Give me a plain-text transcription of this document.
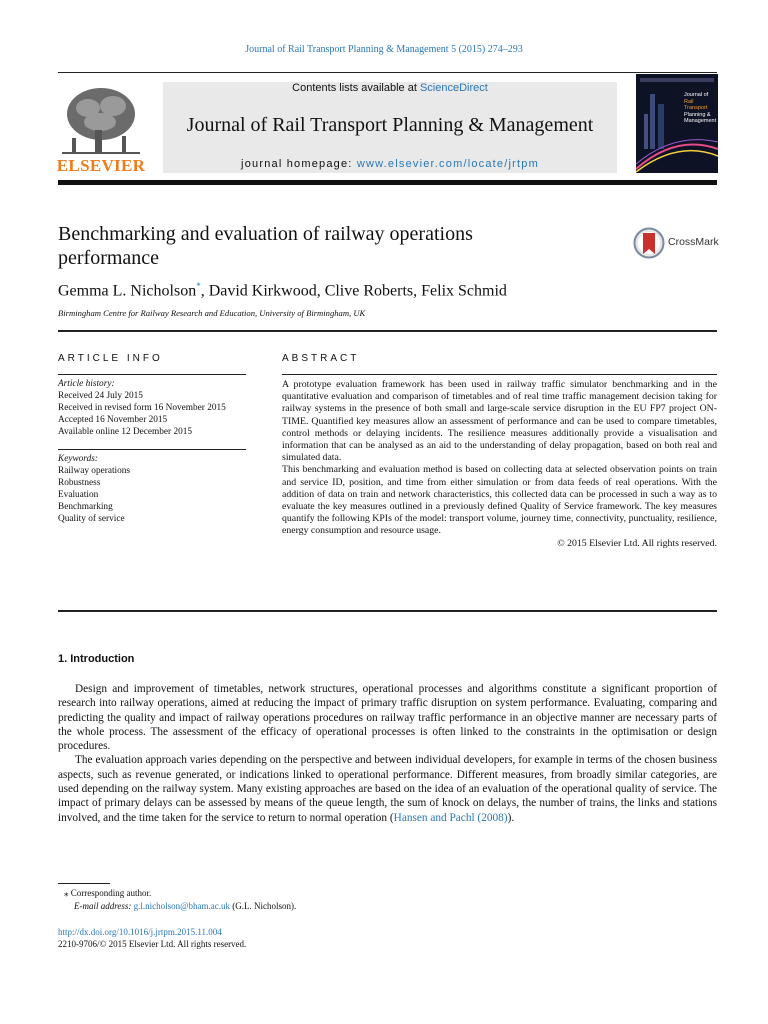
Journal of Rail Transport Planning & Management 5 (2015) 274–293
ELSEVIER
Contents lists available at ScienceDirect
Journal of Rail Transport Planning & Management
journal homepage: www.elsevier.com/locate/jrtpm
Journal of
Rail Transport
Planning &
Management
Benchmarking and evaluation of railway operations performance
CrossMark
Gemma L. Nicholson*, David Kirkwood, Clive Roberts, Felix Schmid
Birmingham Centre for Railway Research and Education, University of Birmingham, UK
ARTICLE INFO
Article history:
Received 24 July 2015
Received in revised form 16 November 2015
Accepted 16 November 2015
Available online 12 December 2015
Keywords:
Railway operations
Robustness
Evaluation
Benchmarking
Quality of service
ABSTRACT

A prototype evaluation framework has been used in railway traffic simulator benchmarking and in the quantitative evaluation and comparison of timetables and of real time traffic management decision taking for railway systems in the presence of both small and large-scale service disruption in the EU FP7 project ON-TIME. Quantified key measures allow an assessment of performance and can be used to compare timetables, control methods or delaying incidents. The resilience measures additionally provide a visualisation and information that can be analysed as an aid to the understanding of delay propagation, based on both real and simulated data.

This benchmarking and evaluation method is based on collecting data at selected observation points on train and service ID, position, and time from either simulation or from data feeds of real operations. With the addition of data on train and network characteristics, this collected data can be processed in such a way as to evaluate the key measures outlined in a previously defined Quality of Service framework. The key measures quantify the following KPIs of the model: transport volume, journey time, connectivity, punctuality, resilience, energy consumption and resource usage.

© 2015 Elsevier Ltd. All rights reserved.

1. Introduction

Design and improvement of timetables, network structures, operational processes and algorithms constitute a significant proportion of research into railway operations, aimed at reducing the impact of primary traffic disruption on system performance. Evaluating, comparing and predicting the quality and impact of railway operations procedures on railway traffic performance in an objective manner are necessary parts of the whole process. The assessment of the efficacy of operational processes is often linked to the constraints in the optimisation or design procedures.

The evaluation approach varies depending on the perspective and between individual developers, for example in terms of the chosen business aspects, such as revenue generated, or indications linked to operational performance. Different measures, from broadly similar categories, are used depending on the railway system. Many existing approaches are based on the idea of an evaluation of the operational quality of service. The impact of primary delays can be assessed by means of the queue length, the sum of knock on delays, the number of trains, the links and stations involved, and the time taken for the service to return to normal operation (Hansen and Pachl (2008)).

⁎ Corresponding author.
E-mail address: g.l.nicholson@bham.ac.uk (G.L. Nicholson).
http://dx.doi.org/10.1016/j.jrtpm.2015.11.004
2210-9706/© 2015 Elsevier Ltd. All rights reserved.
